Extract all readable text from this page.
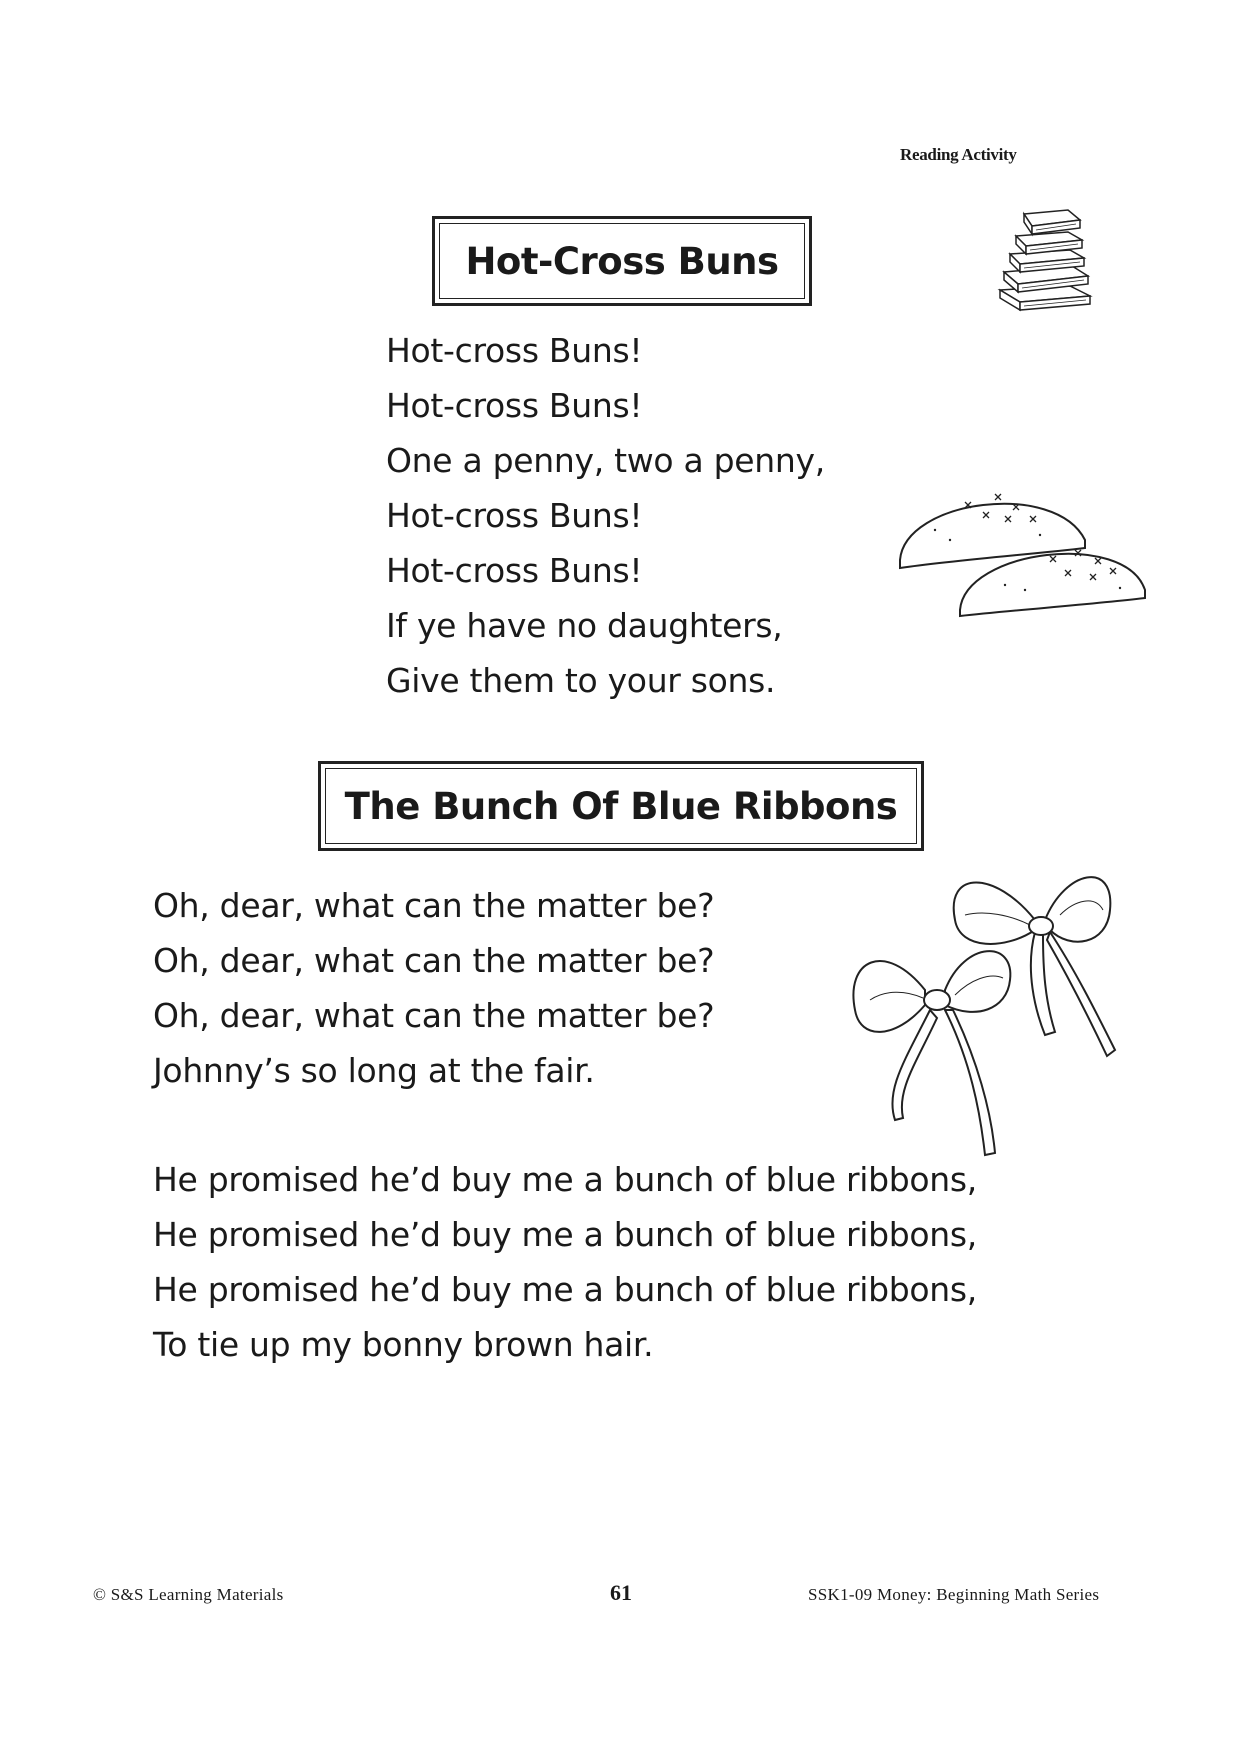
Reading Activity
Hot-Cross Buns
Hot-cross Buns!
Hot-cross Buns!
One a penny, two a penny,
Hot-cross Buns!
Hot-cross Buns!
If ye have no daughters,
Give them to your sons.
The Bunch Of Blue Ribbons
Oh, dear, what can the matter be?
Oh, dear, what can the matter be?
Oh, dear, what can the matter be?
Johnny’s so long at the fair.
He promised he’d buy me a bunch of blue ribbons,
He promised he’d buy me a bunch of blue ribbons,
He promised he’d buy me a bunch of blue ribbons,
To tie up my bonny brown hair.
© S&S Learning Materials	61	SSK1-09 Money: Beginning Math Series
